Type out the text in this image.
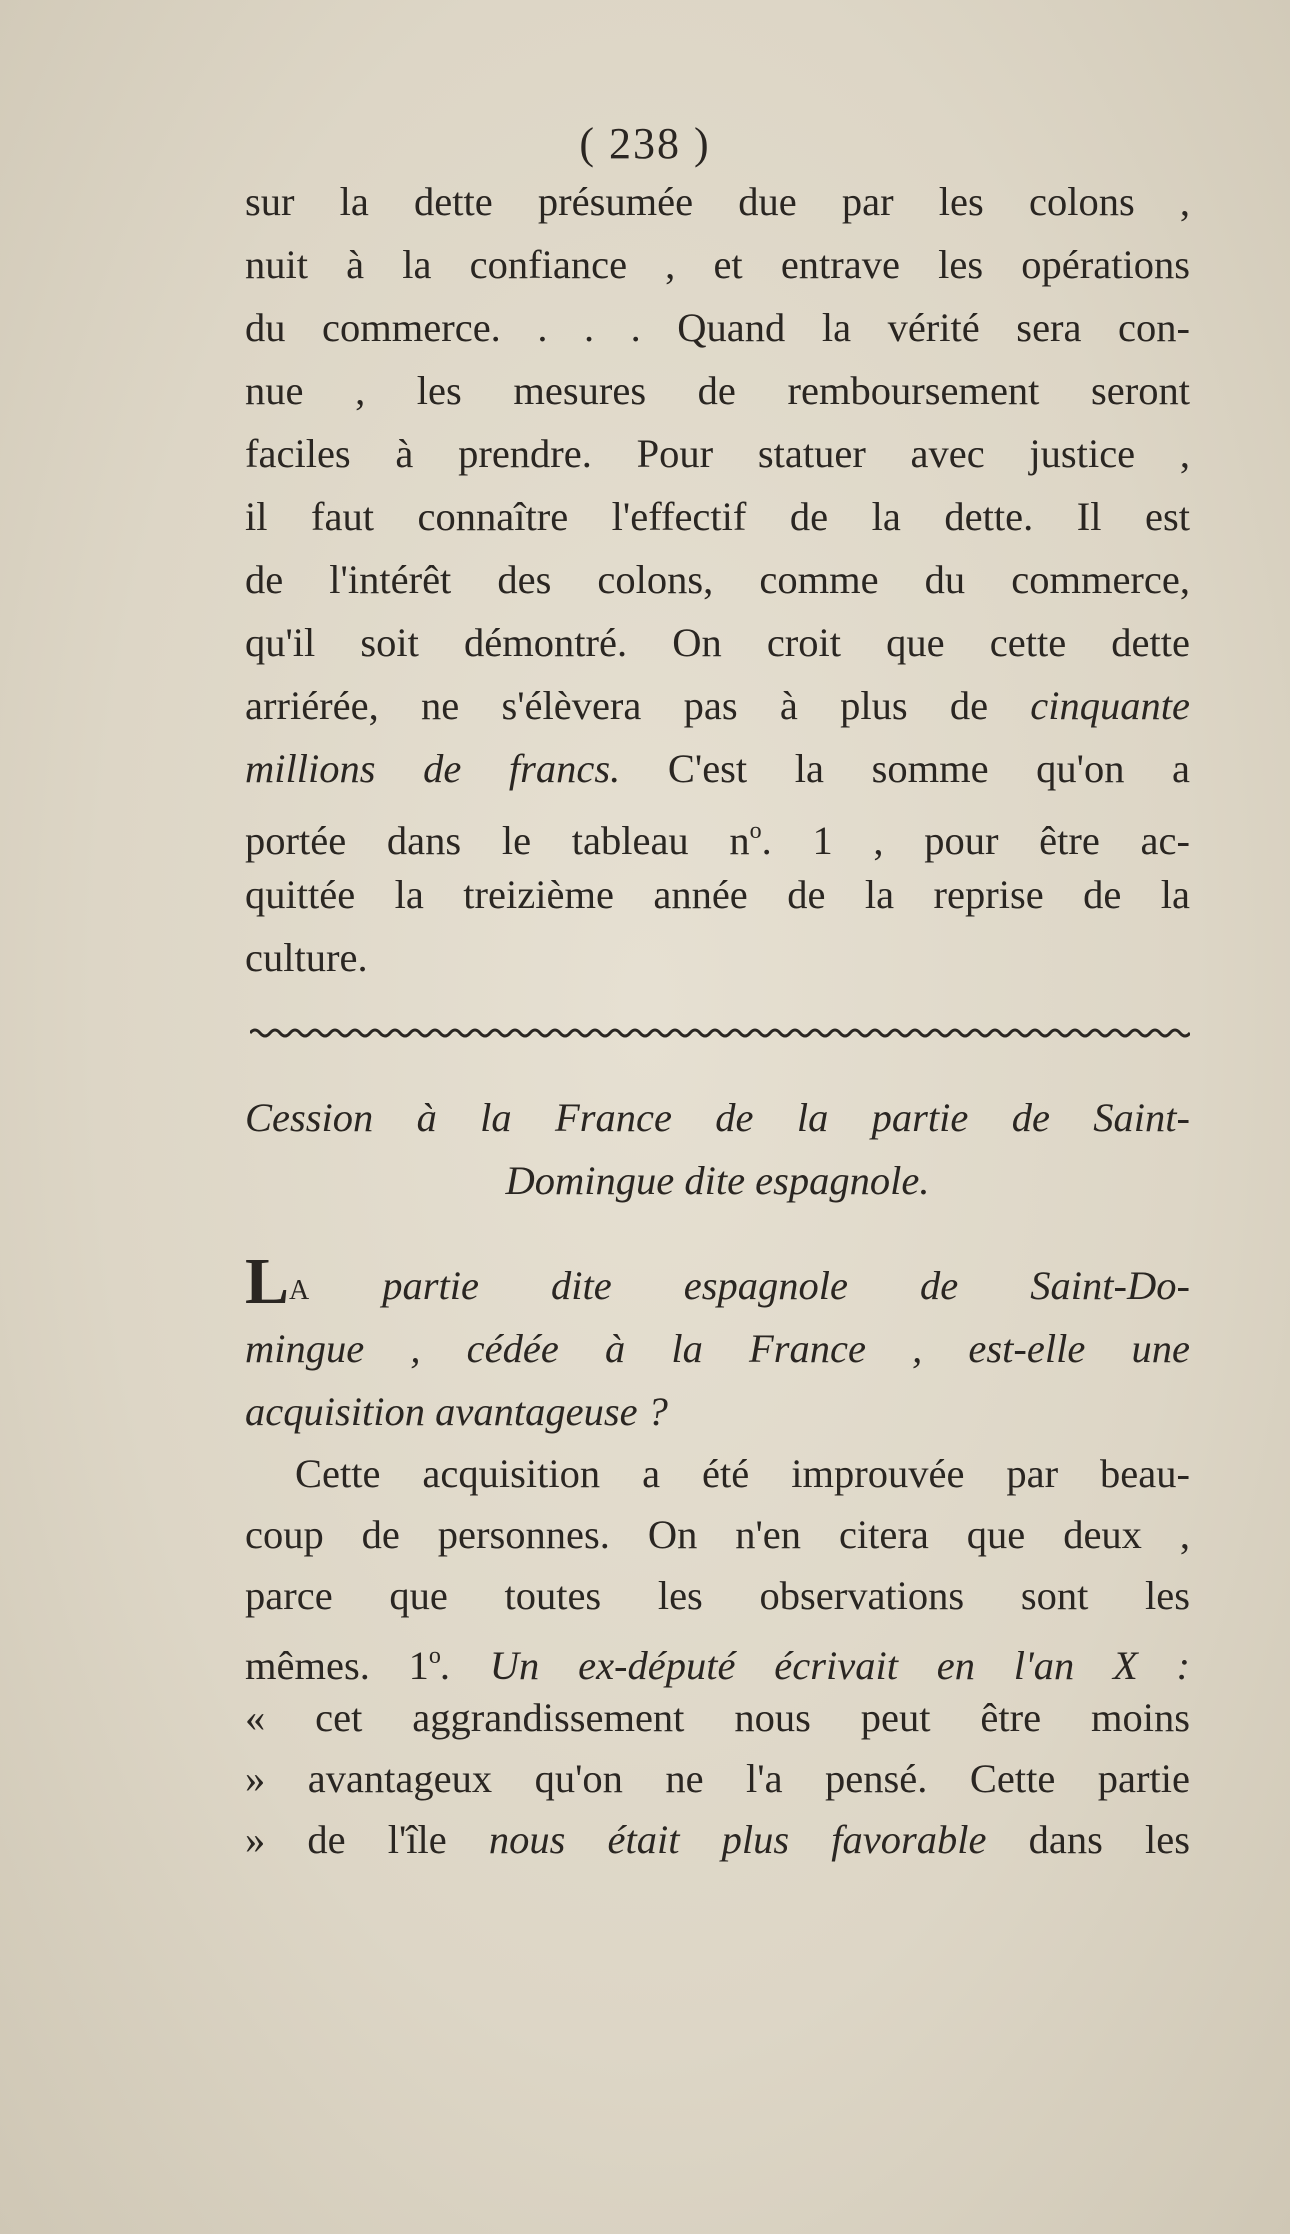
( 238 )
sur la dette présumée due par les colons ,
nuit à la confiance , et entrave les opérations
du commerce. . . . Quand la vérité sera con-
nue , les mesures de remboursement seront
faciles à prendre. Pour statuer avec justice ,
il faut connaître l'effectif de la dette. Il est
de l'intérêt des colons, comme du commerce,
qu'il soit démontré. On croit que cette dette
arriérée, ne s'élèvera pas à plus de cinquante
millions de francs. C'est la somme qu'on a
portée dans le tableau $n^o$. 1 , pour être ac-
quittée la treizième année de la reprise de la
culture.
Cession à la France de la partie de Saint-
Domingue dite espagnole.
LA partie dite espagnole de Saint-Do-
mingue , cédée à la France , est-elle une
acquisition avantageuse ?
Cette acquisition a été improuvée par beau-
coup de personnes. On n'en citera que deux ,
parce que toutes les observations sont les
mêmes. 1$^o$. Un ex-député écrivait en l'an X :
« cet aggrandissement nous peut être moins
» avantageux qu'on ne l'a pensé. Cette partie
» de l'île nous était plus favorable dans les
